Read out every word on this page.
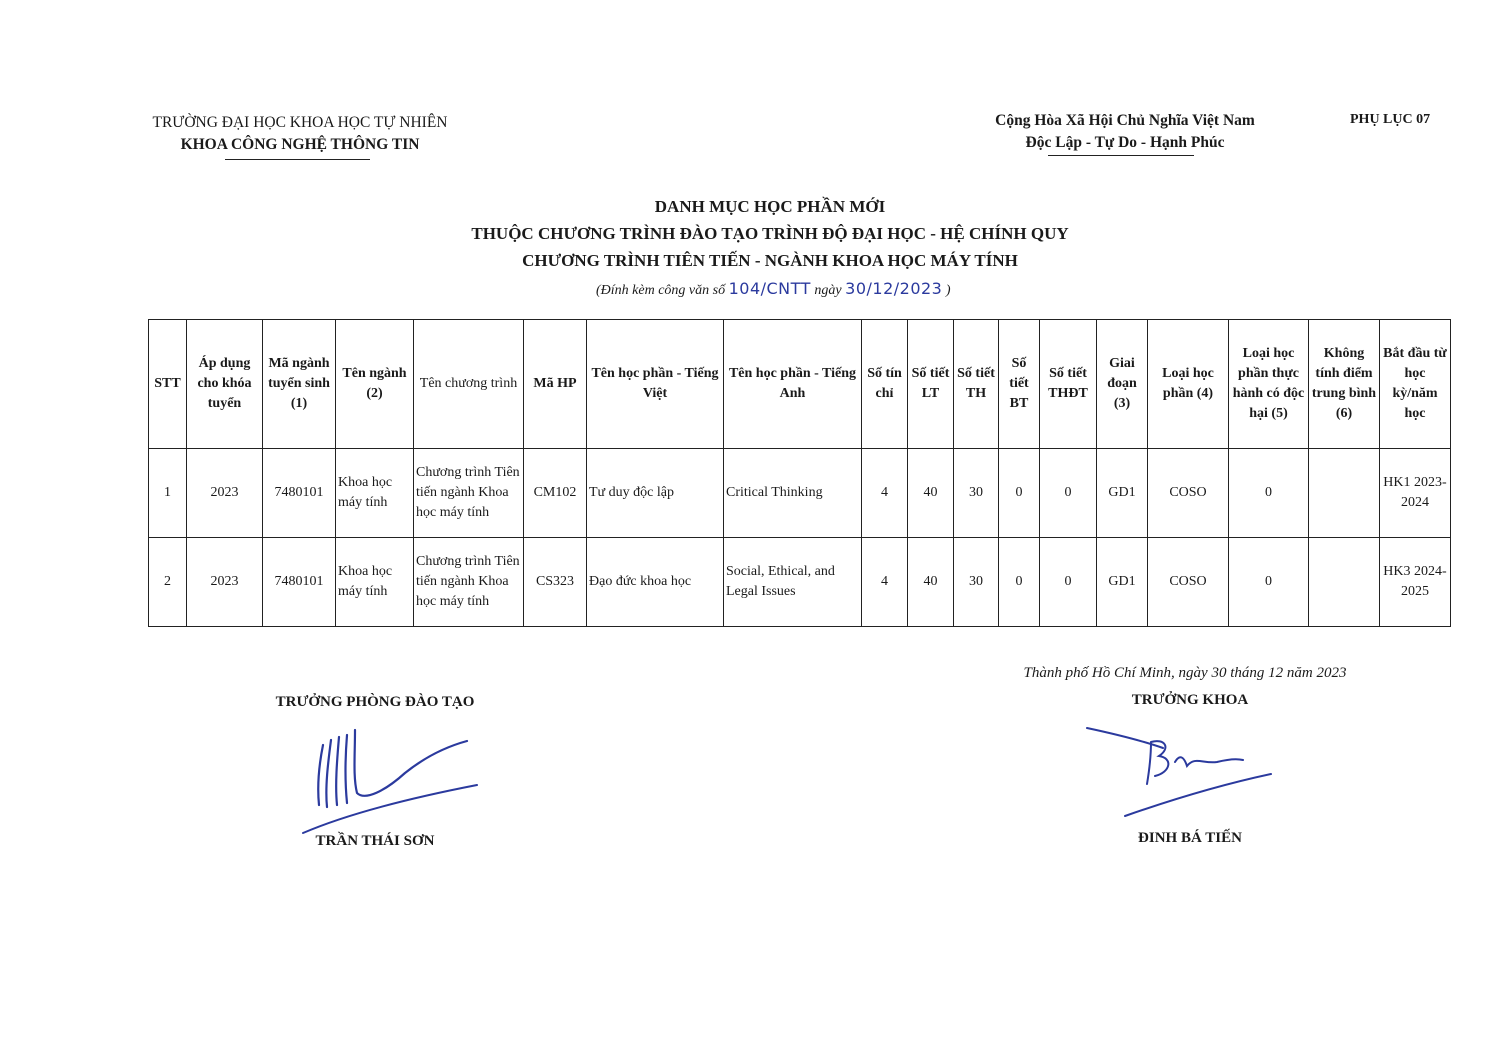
TRƯỜNG ĐẠI HỌC KHOA HỌC TỰ NHIÊN
KHOA CÔNG NGHỆ THÔNG TIN
Cộng Hòa Xã Hội Chủ Nghĩa Việt Nam
Độc Lập - Tự Do - Hạnh Phúc
PHỤ LỤC 07
DANH MỤC HỌC PHẦN MỚI
THUỘC CHƯƠNG TRÌNH ĐÀO TẠO TRÌNH ĐỘ ĐẠI HỌC - HỆ CHÍNH QUY
CHƯƠNG TRÌNH TIÊN TIẾN - NGÀNH KHOA HỌC MÁY TÍNH
(Đính kèm công văn số 104/CNTT ngày 30/12/2023 )
STT	Áp dụng cho khóa tuyển	Mã ngành tuyển sinh (1)	Tên ngành (2)	Tên chương trình	Mã HP	Tên học phần - Tiếng Việt	Tên học phần - Tiếng Anh	Số tín chỉ	Số tiết LT	Số tiết TH	Số tiết BT	Số tiết THĐT	Giai đoạn (3)	Loại học phần (4)	Loại học phần thực hành có độc hại (5)	Không tính điểm trung bình (6)	Bắt đầu từ học kỳ/năm học
1	2023	7480101	Khoa học máy tính	Chương trình Tiên tiến ngành Khoa học máy tính	CM102	Tư duy độc lập	Critical Thinking	4	40	30	0	0	GD1	COSO	0		HK1 2023-2024
2	2023	7480101	Khoa học máy tính	Chương trình Tiên tiến ngành Khoa học máy tính	CS323	Đạo đức khoa học	Social, Ethical, and Legal Issues	4	40	30	0	0	GD1	COSO	0		HK3 2024-2025
TRƯỞNG PHÒNG ĐÀO TẠO
TRẦN THÁI SƠN
Thành phố Hồ Chí Minh, ngày 30 tháng 12 năm 2023
TRƯỞNG KHOA
ĐINH BÁ TIẾN
